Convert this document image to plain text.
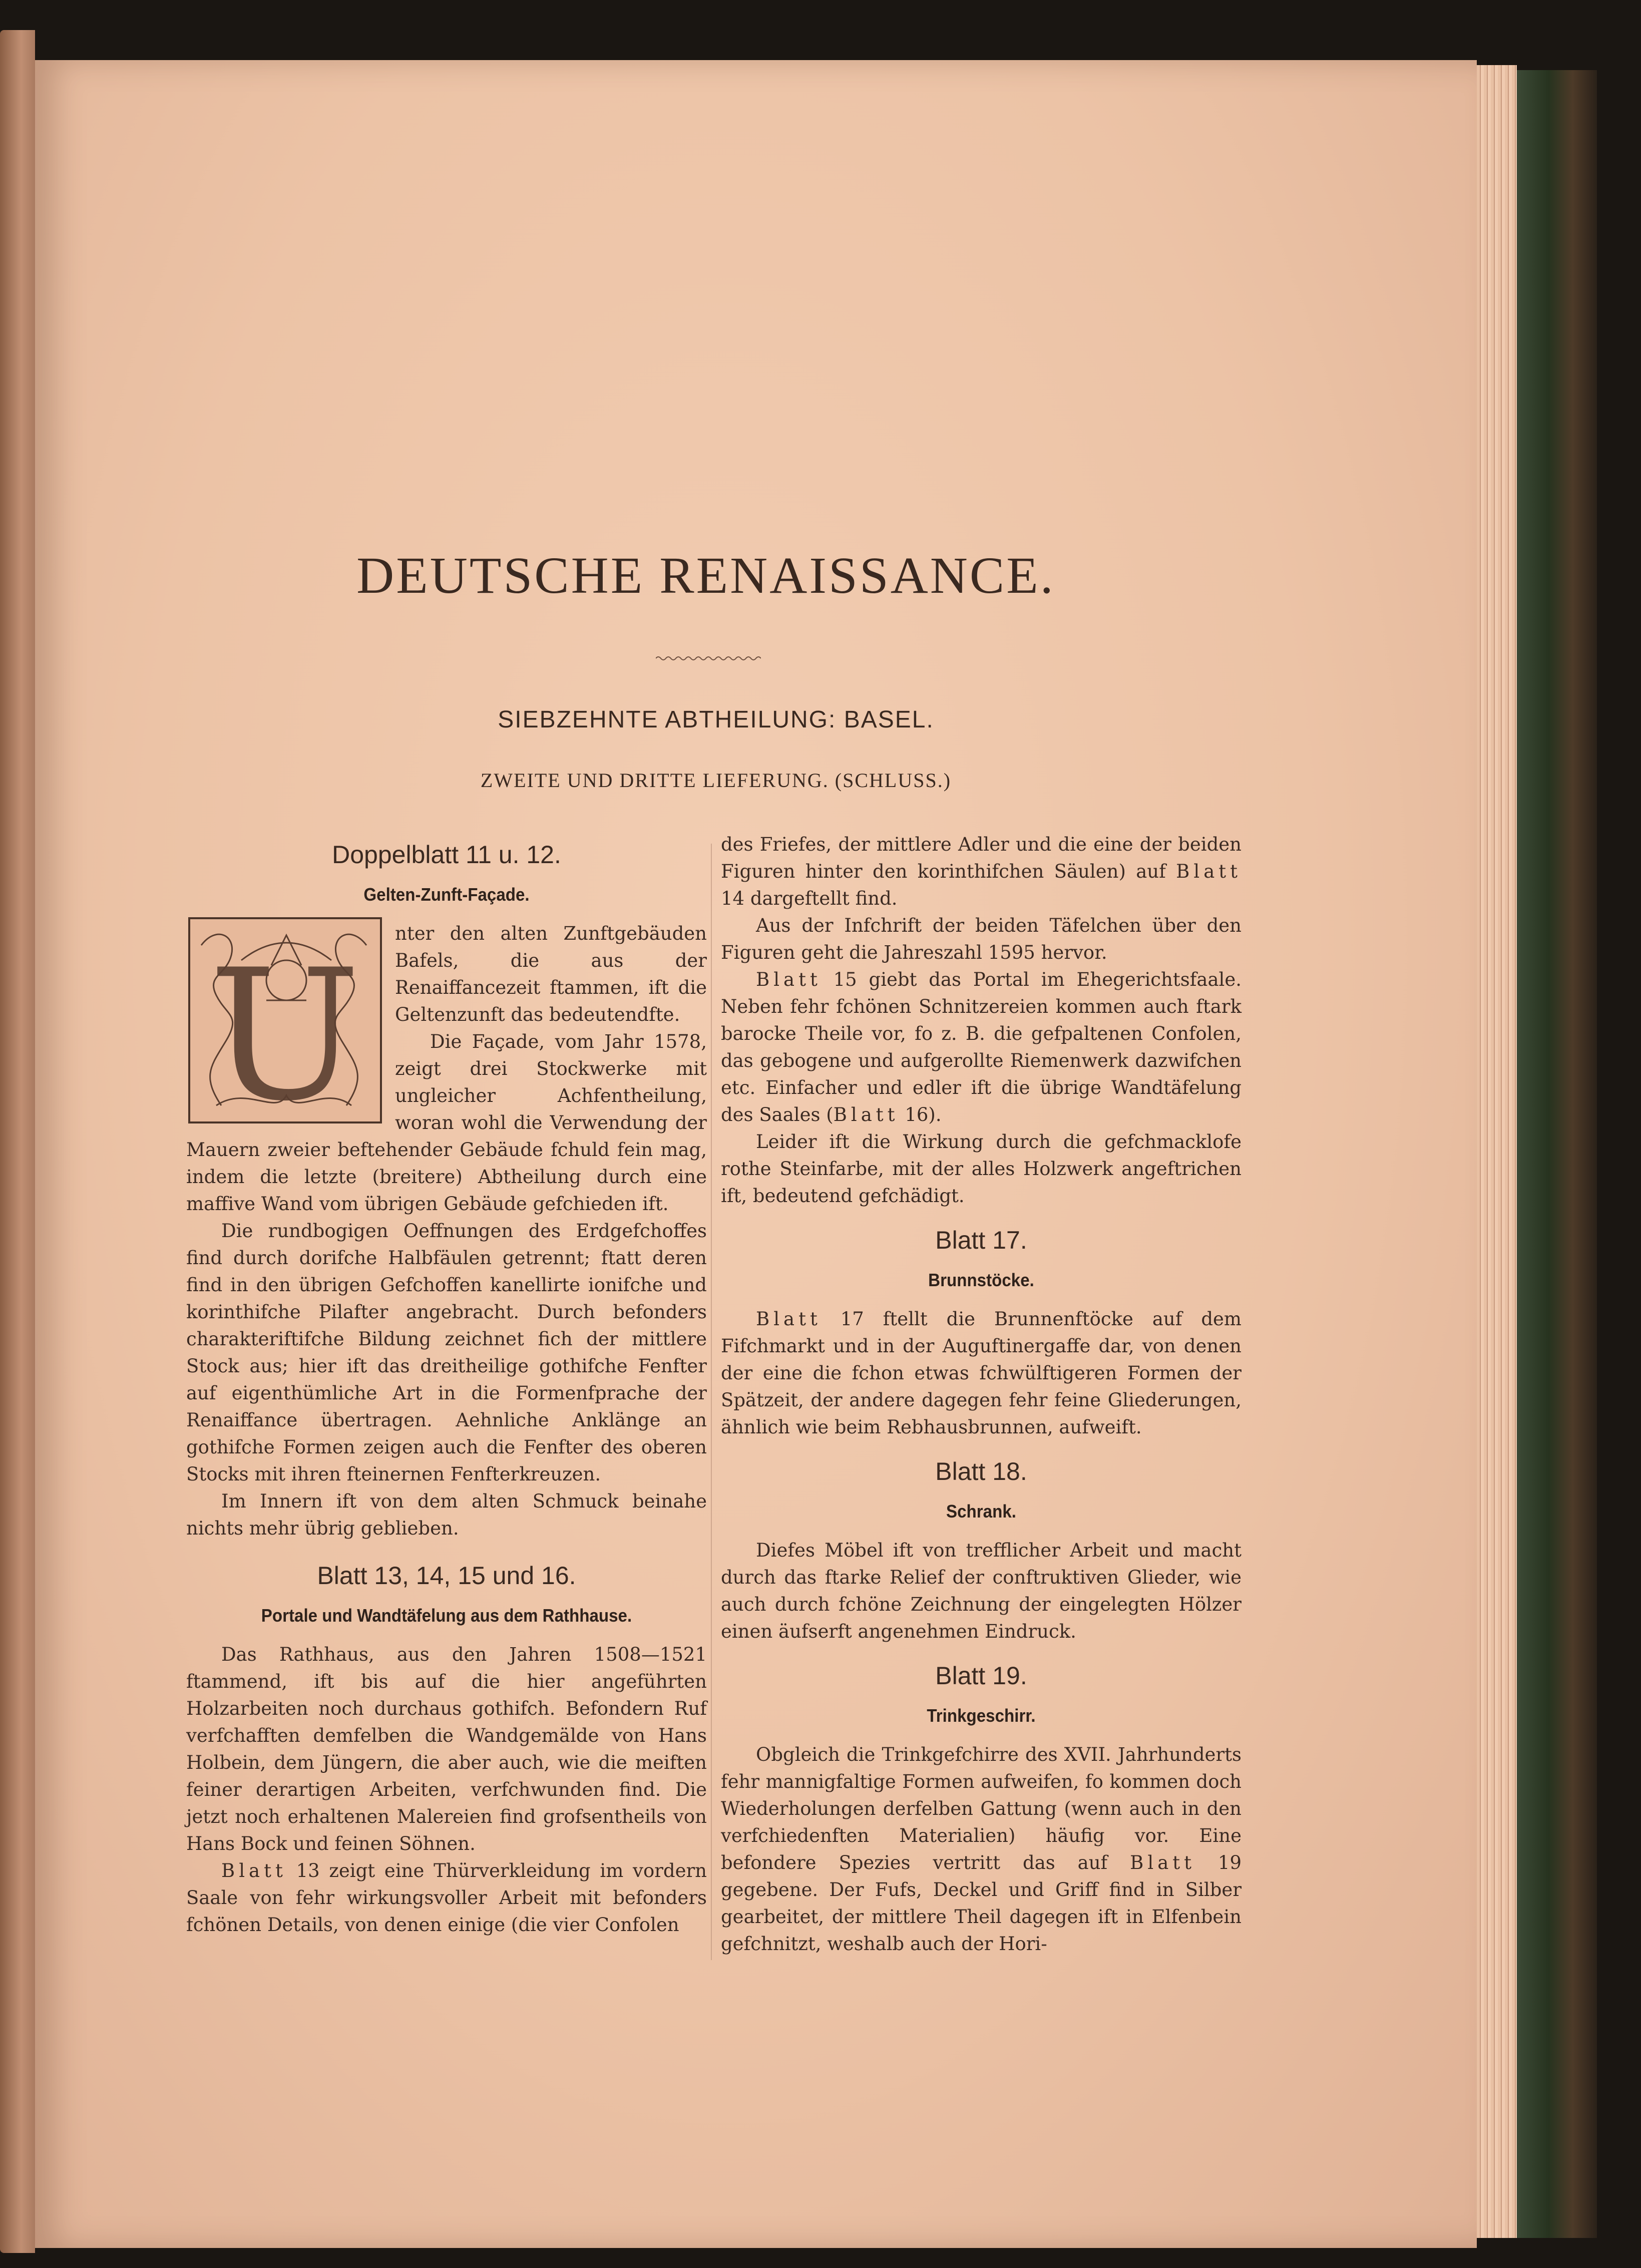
DEUTSCHE RENAISSANCE.
SIEBZEHNTE ABTHEILUNG: BASEL.
ZWEITE UND DRITTE LIEFERUNG. (SCHLUSS.)
Doppelblatt 11 u. 12.
Gelten-Zunft-Façade.
U	nter den alten Zunftgebäuden Bafels, die aus der Renaiffancezeit ftammen, ift die Geltenzunft das bedeutendfte.

Die Façade, vom Jahr 1578, zeigt drei Stockwerke mit ungleicher Achfentheilung, woran wohl die Verwendung der Mauern zweier beftehender Gebäude fchuld fein mag, indem die letzte (breitere) Abtheilung durch eine maffive Wand vom übrigen Gebäude gefchieden ift.

Die rundbogigen Oeffnungen des Erdgefchoffes find durch dorifche Halbfäulen getrennt; ftatt deren find in den übrigen Gefchoffen kanellirte ionifche und korinthifche Pilafter angebracht. Durch befonders charakteriftifche Bildung zeichnet fich der mittlere Stock aus; hier ift das dreitheilige gothifche Fenfter auf eigenthümliche Art in die Formenfprache der Renaiffance übertragen. Aehnliche Anklänge an gothifche Formen zeigen auch die Fenfter des oberen Stocks mit ihren fteinernen Fenfterkreuzen.

Im Innern ift von dem alten Schmuck beinahe nichts mehr übrig geblieben.

Blatt 13, 14, 15 und 16.
Portale und Wandtäfelung aus dem Rathhause.

Das Rathhaus, aus den Jahren 1508—1521 ftammend, ift bis auf die hier angeführten Holzarbeiten noch durchaus gothifch. Befondern Ruf verfchafften demfelben die Wandgemälde von Hans Holbein, dem Jüngern, die aber auch, wie die meiften feiner derartigen Arbeiten, verfchwunden find. Die jetzt noch erhaltenen Malereien find grofsentheils von Hans Bock und feinen Söhnen.

Blatt 13 zeigt eine Thürverkleidung im vordern Saale von fehr wirkungsvoller Arbeit mit befonders fchönen Details, von denen einige (die vier Confolen

des Friefes, der mittlere Adler und die eine der beiden Figuren hinter den korinthifchen Säulen) auf Blatt 14 dargeftellt find.

Aus der Infchrift der beiden Täfelchen über den Figuren geht die Jahreszahl 1595 hervor.

Blatt 15 giebt das Portal im Ehegerichtsfaale. Neben fehr fchönen Schnitzereien kommen auch ftark barocke Theile vor, fo z. B. die gefpaltenen Confolen, das gebogene und aufgerollte Riemenwerk dazwifchen etc. Einfacher und edler ift die übrige Wandtäfelung des Saales (Blatt 16).

Leider ift die Wirkung durch die gefchmacklofe rothe Steinfarbe, mit der alles Holzwerk angeftrichen ift, bedeutend gefchädigt.

Blatt 17.
Brunnstöcke.

Blatt 17 ftellt die Brunnenftöcke auf dem Fifchmarkt und in der Auguftinergaffe dar, von denen der eine die fchon etwas fchwülftigeren Formen der Spätzeit, der andere dagegen fehr feine Gliederungen, ähnlich wie beim Rebhausbrunnen, aufweift.

Blatt 18.
Schrank.

Diefes Möbel ift von trefflicher Arbeit und macht durch das ftarke Relief der conftruktiven Glieder, wie auch durch fchöne Zeichnung der eingelegten Hölzer einen äufserft angenehmen Eindruck.

Blatt 19.
Trinkgeschirr.

Obgleich die Trinkgefchirre des XVII. Jahrhunderts fehr mannigfaltige Formen aufweifen, fo kommen doch Wiederholungen derfelben Gattung (wenn auch in den verfchiedenften Materialien) häufig vor. Eine befondere Spezies vertritt das auf Blatt 19 gegebene. Der Fufs, Deckel und Griff find in Silber gearbeitet, der mittlere Theil dagegen ift in Elfenbein gefchnitzt, weshalb auch der Hori-
